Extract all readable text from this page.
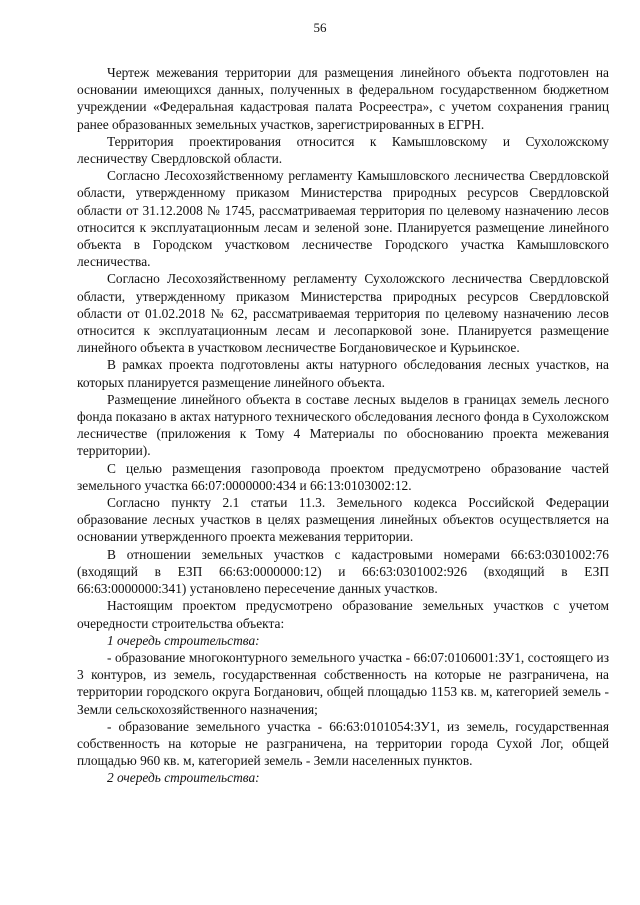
56

Чертеж межевания территории для размещения линейного объекта подготовлен на основании имеющихся данных, полученных в федеральном государственном бюджетном учреждении «Федеральная кадастровая палата Росреестра», с учетом сохранения границ ранее образованных земельных участков, зарегистрированных в ЕГРН.

Территория проектирования относится к Камышловскому и Сухоложскому лесничеству Свердловской области.

Согласно Лесохозяйственному регламенту Камышловского лесничества Свердловской области, утвержденному приказом Министерства природных ресурсов Свердловской области от 31.12.2008 № 1745, рассматриваемая территория по целевому назначению лесов относится к эксплуатационным лесам и зеленой зоне. Планируется размещение линейного объекта в Городском участковом лесничестве Городского участка Камышловского лесничества.

Согласно Лесохозяйственному регламенту Сухоложского лесничества Свердловской области, утвержденному приказом Министерства природных ресурсов Свердловской области от 01.02.2018 № 62, рассматриваемая территория по целевому назначению лесов относится к эксплуатационным лесам и лесопарковой зоне. Планируется размещение линейного объекта в участковом лесничестве Богдановическое и Курьинское.

В рамках проекта подготовлены акты натурного обследования лесных участков, на которых планируется размещение линейного объекта.

Размещение линейного объекта в составе лесных выделов в границах земель лесного фонда показано в актах натурного технического обследования лесного фонда в Сухоложском лесничестве (приложения к Тому 4 Материалы по обоснованию проекта межевания территории).

С целью размещения газопровода проектом предусмотрено образование частей земельного участка 66:07:0000000:434 и 66:13:0103002:12.

Согласно пункту 2.1 статьи 11.3. Земельного кодекса Российской Федерации образование лесных участков в целях размещения линейных объектов осуществляется на основании утвержденного проекта межевания территории.

В отношении земельных участков с кадастровыми номерами 66:63:0301002:76 (входящий в ЕЗП 66:63:0000000:12) и 66:63:0301002:926 (входящий в ЕЗП 66:63:0000000:341) установлено пересечение данных участков.

Настоящим проектом предусмотрено образование земельных участков с учетом очередности строительства объекта:

1 очередь строительства:

- образование многоконтурного земельного участка - 66:07:0106001:ЗУ1, состоящего из 3 контуров, из земель, государственная собственность на которые не разграничена, на территории городского округа Богданович, общей площадью 1153 кв. м, категорией земель - Земли сельскохозяйственного назначения;

- образование земельного участка - 66:63:0101054:ЗУ1, из земель, государственная собственность на которые не разграничена, на территории города Сухой Лог, общей площадью 960 кв. м, категорией земель - Земли населенных пунктов.

2 очередь строительства:
